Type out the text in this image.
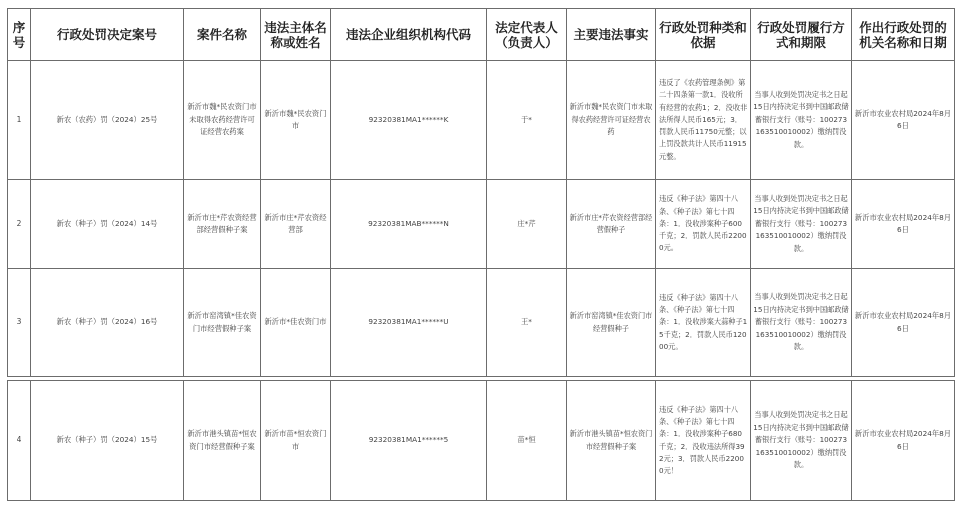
序号	行政处罚决定案号	案件名称	违法主体名称或姓名	违法企业组织机构代码	法定代表人（负责人）	主要违法事实	行政处罚种类和依据	行政处罚履行方式和期限	作出行政处罚的机关名称和日期
1	新农（农药）罚（2024）25号	新沂市魏*民农资门市未取得农药经营许可证经营农药案	新沂市魏*民农资门市	92320381MA1******K	于*	新沂市魏*民农资门市未取得农药经营许可证经营农药	违反了《农药管理条例》第二十四条第一款1．没收所有经营的农药1；2．没收非法所得人民币165元；3．罚款人民币11750元整；以上罚没款共计人民币11915元整。	当事人收到处罚决定书之日起15日内持决定书到中国邮政储蓄银行支行（账号：100273163510010002）缴纳罚没款。	新沂市农业农村局2024年8月6日
2	新农（种子）罚（2024）14号	新沂市庄*芹农资经营部经营假种子案	新沂市庄*芹农资经营部	92320381MAB******N	庄*芹	新沂市庄*芹农资经营部经营假种子	违反《种子法》第四十八条、《种子法》第七十四条：1．没收涉案种子600千克；2．罚款人民币22000元。	当事人收到处罚决定书之日起15日内持决定书到中国邮政储蓄银行支行（账号：100273163510010002）缴纳罚没款。	新沂市农业农村局2024年8月6日
3	新农（种子）罚（2024）16号	新沂市窑湾镇*佳农资门市经营假种子案	新沂市*佳农资门市	92320381MA1******U	王*	新沂市窑湾镇*佳农资门市经营假种子	违反《种子法》第四十八条、《种子法》第七十四条：1．没收涉案大蒜种子15千克；2．罚款人民币12000元。	当事人收到处罚决定书之日起15日内持决定书到中国邮政储蓄银行支行（账号：100273163510010002）缴纳罚没款。	新沂市农业农村局2024年8月6日

4	新农（种子）罚（2024）15号	新沂市港头镇苗*恒农资门市经营假种子案	新沂市苗*恒农资门市	92320381MA1******5	苗*恒	新沂市港头镇苗*恒农资门市经营假种子案	违反《种子法》第四十八条、《种子法》第七十四条：1．没收涉案种子680千克；2．没收违法所得392元；3．罚款人民币22000元！	当事人收到处罚决定书之日起15日内持决定书到中国邮政储蓄银行支行（账号：100273163510010002）缴纳罚没款。	新沂市农业农村局2024年8月6日
